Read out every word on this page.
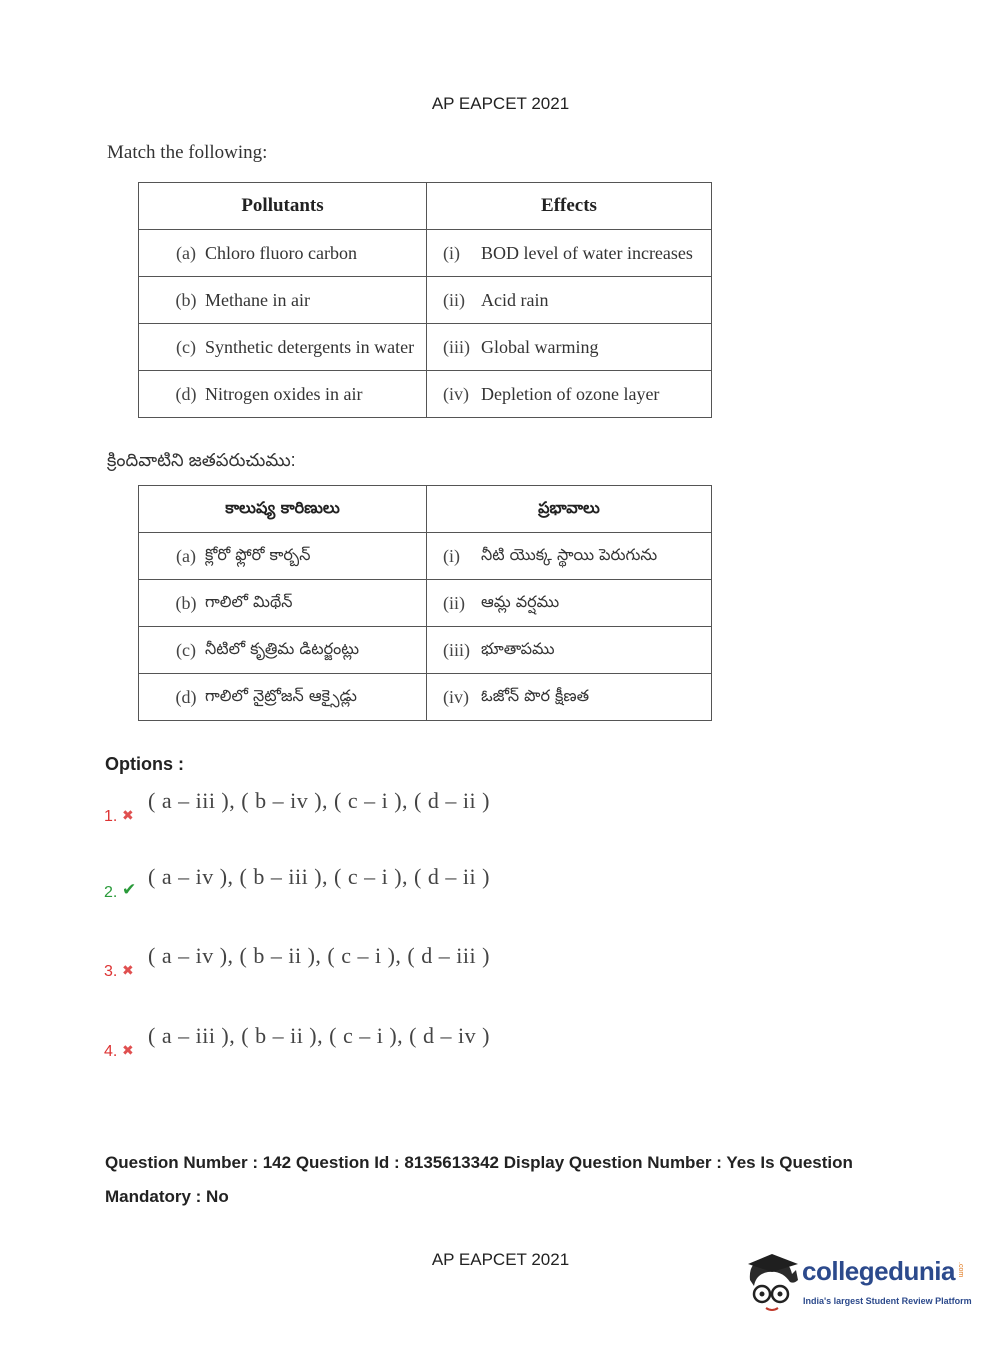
AP EAPCET 2021
Match the following:
Pollutants	Effects

(a) Chloro fluoro carbon	(i) BOD level of water increases

(b) Methane in air	(ii) Acid rain

(c) Synthetic detergents in water	(iii) Global warming

(d) Nitrogen oxides in air	(iv) Depletion of ozone layer
క్రిందివాటిని జతపరుచుము:
కాలుష్య కారిణులు	ప్రభావాలు

(a) క్లోరో ఫ్లోరో కార్బన్	(i) నీటి యొక్క స్థాయి పెరుగును

(b) గాలిలో మిథేన్	(ii) ఆమ్ల వర్షము

(c) నీటిలో కృత్రిమ డిటర్జంట్లు	(iii) భూతాపము

(d) గాలిలో నైట్రోజన్ ఆక్సైడ్లు	(iv) ఓజోన్ పొర క్షీణత
Options :
1. ✖
( a – iii ), ( b – iv ), ( c – i ), ( d – ii )
2. ✔
( a – iv ), ( b – iii ), ( c – i ), ( d – ii )
3. ✖
( a – iv ), ( b – ii ), ( c – i ), ( d – iii )
4. ✖
( a – iii ), ( b – ii ), ( c – i ), ( d – iv )
Question Number : 142 Question Id : 8135613342 Display Question Number : Yes Is Question
Mandatory : No
AP EAPCET 2021	collegedunia .com
India's largest Student Review Platform
